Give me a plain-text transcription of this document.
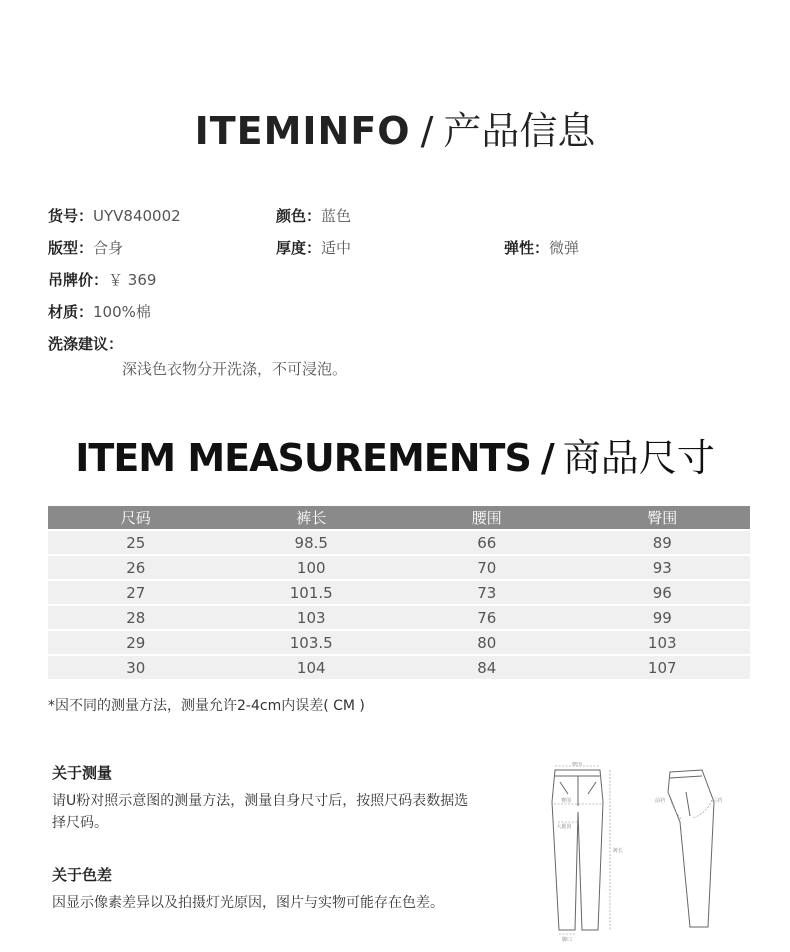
ITEMINFO / 产品信息
货号：UYV840002	颜色：蓝色
版型：合身	厚度：适中	弹性：微弹
吊牌价：￥ 369
材质：100%棉
洗涤建议：
深浅色衣物分开洗涤，不可浸泡。
ITEM MEASUREMENTS / 商品尺寸
尺码	裤长	腰围	臀围
25	98.5	66	89
26	100	70	93
27	101.5	73	96
28	103	76	99
29	103.5	80	103
30	104	84	107
*因不同的测量方法，测量允许2-4cm内误差( CM )
关于测量
请U粉对照示意图的测量方法，测量自身尺寸后，按照尺码表数据选
择尺码。
关于色差
因显示像素差异以及拍摄灯光原因，图片与实物可能存在色差。
腰围
臀围
大腿围
裤长
脚口
前裆	后裆
